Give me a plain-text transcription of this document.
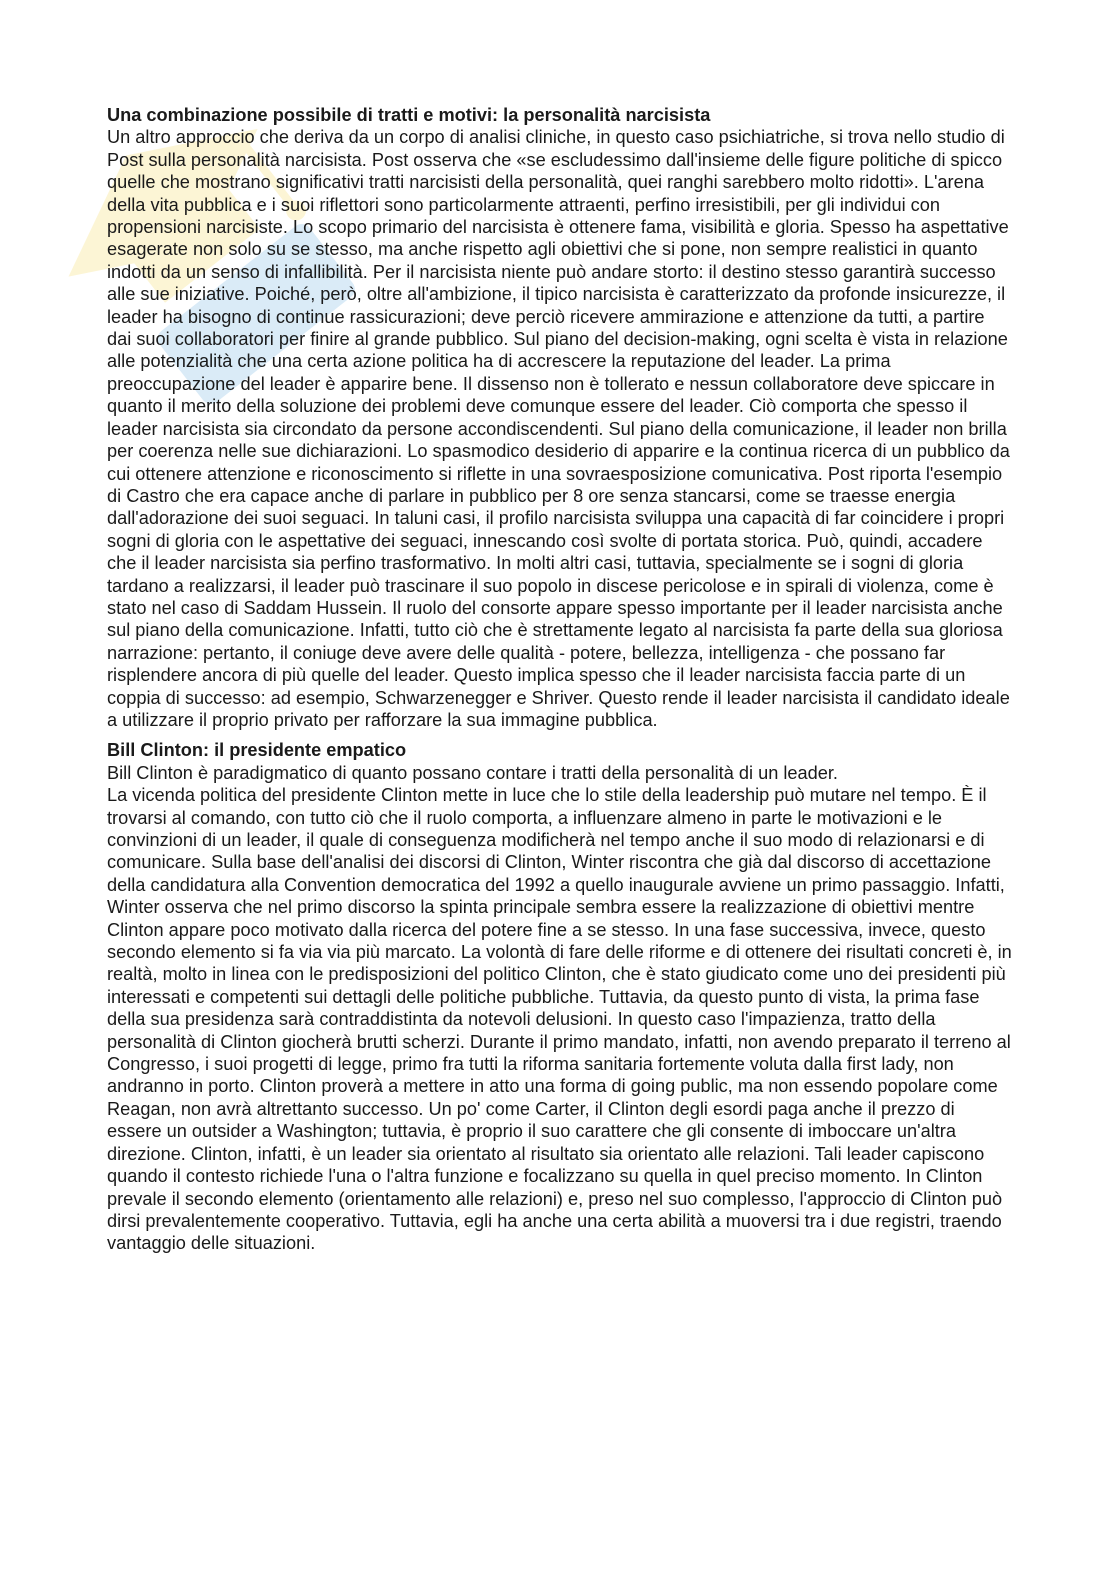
Una combinazione possibile di tratti e motivi: la personalità narcisista

Un altro approccio che deriva da un corpo di analisi cliniche, in questo caso psichiatriche, si trova nello studio di Post sulla personalità narcisista. Post osserva che «se escludessimo dall'insieme delle figure politiche di spicco quelle che mostrano significativi tratti narcisisti della personalità, quei ranghi sarebbero molto ridotti». L'arena della vita pubblica e i suoi riflettori sono particolarmente attraenti, perfino irresistibili, per gli individui con propensioni narcisiste. Lo scopo primario del narcisista è ottenere fama, visibilità e gloria. Spesso ha aspettative esagerate non solo su se stesso, ma anche rispetto agli obiettivi che si pone, non sempre realistici in quanto indotti da un senso di infallibilità. Per il narcisista niente può andare storto: il destino stesso garantirà successo alle sue iniziative. Poiché, però, oltre all'ambizione, il tipico narcisista è caratterizzato da profonde insicurezze, il leader ha bisogno di continue rassicurazioni; deve perciò ricevere ammirazione e attenzione da tutti, a partire dai suoi collaboratori per finire al grande pubblico. Sul piano del decision-making, ogni scelta è vista in relazione alle potenzialità che una certa azione politica ha di accrescere la reputazione del leader. La prima preoccupazione del leader è apparire bene. Il dissenso non è tollerato e nessun collaboratore deve spiccare in quanto il merito della soluzione dei problemi deve comunque essere del leader. Ciò comporta che spesso il leader narcisista sia circondato da persone accondiscendenti. Sul piano della comunicazione, il leader non brilla per coerenza nelle sue dichiarazioni. Lo spasmodico desiderio di apparire e la continua ricerca di un pubblico da cui ottenere attenzione e riconoscimento si riflette in una sovraesposizione comunicativa. Post riporta l'esempio di Castro che era capace anche di parlare in pubblico per 8 ore senza stancarsi, come se traesse energia dall'adorazione dei suoi seguaci. In taluni casi, il profilo narcisista sviluppa una capacità di far coincidere i propri sogni di gloria con le aspettative dei seguaci, innescando così svolte di portata storica. Può, quindi, accadere che il leader narcisista sia perfino trasformativo. In molti altri casi, tuttavia, specialmente se i sogni di gloria tardano a realizzarsi, il leader può trascinare il suo popolo in discese pericolose e in spirali di violenza, come è stato nel caso di Saddam Hussein. Il ruolo del consorte appare spesso importante per il leader narcisista anche sul piano della comunicazione. Infatti, tutto ciò che è strettamente legato al narcisista fa parte della sua gloriosa narrazione: pertanto, il coniuge deve avere delle qualità - potere, bellezza, intelligenza - che possano far risplendere ancora di più quelle del leader. Questo implica spesso che il leader narcisista faccia parte di un coppia di successo: ad esempio, Schwarzenegger e Shriver. Questo rende il leader narcisista il candidato ideale a utilizzare il proprio privato per rafforzare la sua immagine pubblica.

Bill Clinton: il presidente empatico

Bill Clinton è paradigmatico di quanto possano contare i tratti della personalità di un leader.

La vicenda politica del presidente Clinton mette in luce che lo stile della leadership può mutare nel tempo. È il trovarsi al comando, con tutto ciò che il ruolo comporta, a influenzare almeno in parte le motivazioni e le convinzioni di un leader, il quale di conseguenza modificherà nel tempo anche il suo modo di relazionarsi e di comunicare. Sulla base dell'analisi dei discorsi di Clinton, Winter riscontra che già dal discorso di accettazione della candidatura alla Convention democratica del 1992 a quello inaugurale avviene un primo passaggio. Infatti, Winter osserva che nel primo discorso la spinta principale sembra essere la realizzazione di obiettivi mentre Clinton appare poco motivato dalla ricerca del potere fine a se stesso. In una fase successiva, invece, questo secondo elemento si fa via via più marcato. La volontà di fare delle riforme e di ottenere dei risultati concreti è, in realtà, molto in linea con le predisposizioni del politico Clinton, che è stato giudicato come uno dei presidenti più interessati e competenti sui dettagli delle politiche pubbliche. Tuttavia, da questo punto di vista, la prima fase della sua presidenza sarà contraddistinta da notevoli delusioni. In questo caso l'impazienza, tratto della personalità di Clinton giocherà brutti scherzi. Durante il primo mandato, infatti, non avendo preparato il terreno al Congresso, i suoi progetti di legge, primo fra tutti la riforma sanitaria fortemente voluta dalla first lady, non andranno in porto. Clinton proverà a mettere in atto una forma di going public, ma non essendo popolare come Reagan, non avrà altrettanto successo. Un po' come Carter, il Clinton degli esordi paga anche il prezzo di essere un outsider a Washington; tuttavia, è proprio il suo carattere che gli consente di imboccare un'altra direzione. Clinton, infatti, è un leader sia orientato al risultato sia orientato alle relazioni. Tali leader capiscono quando il contesto richiede l'una o l'altra funzione e focalizzano su quella in quel preciso momento. In Clinton prevale il secondo elemento (orientamento alle relazioni) e, preso nel suo complesso, l'approccio di Clinton può dirsi prevalentemente cooperativo. Tuttavia, egli ha anche una certa abilità a muoversi tra i due registri, traendo vantaggio delle situazioni.
